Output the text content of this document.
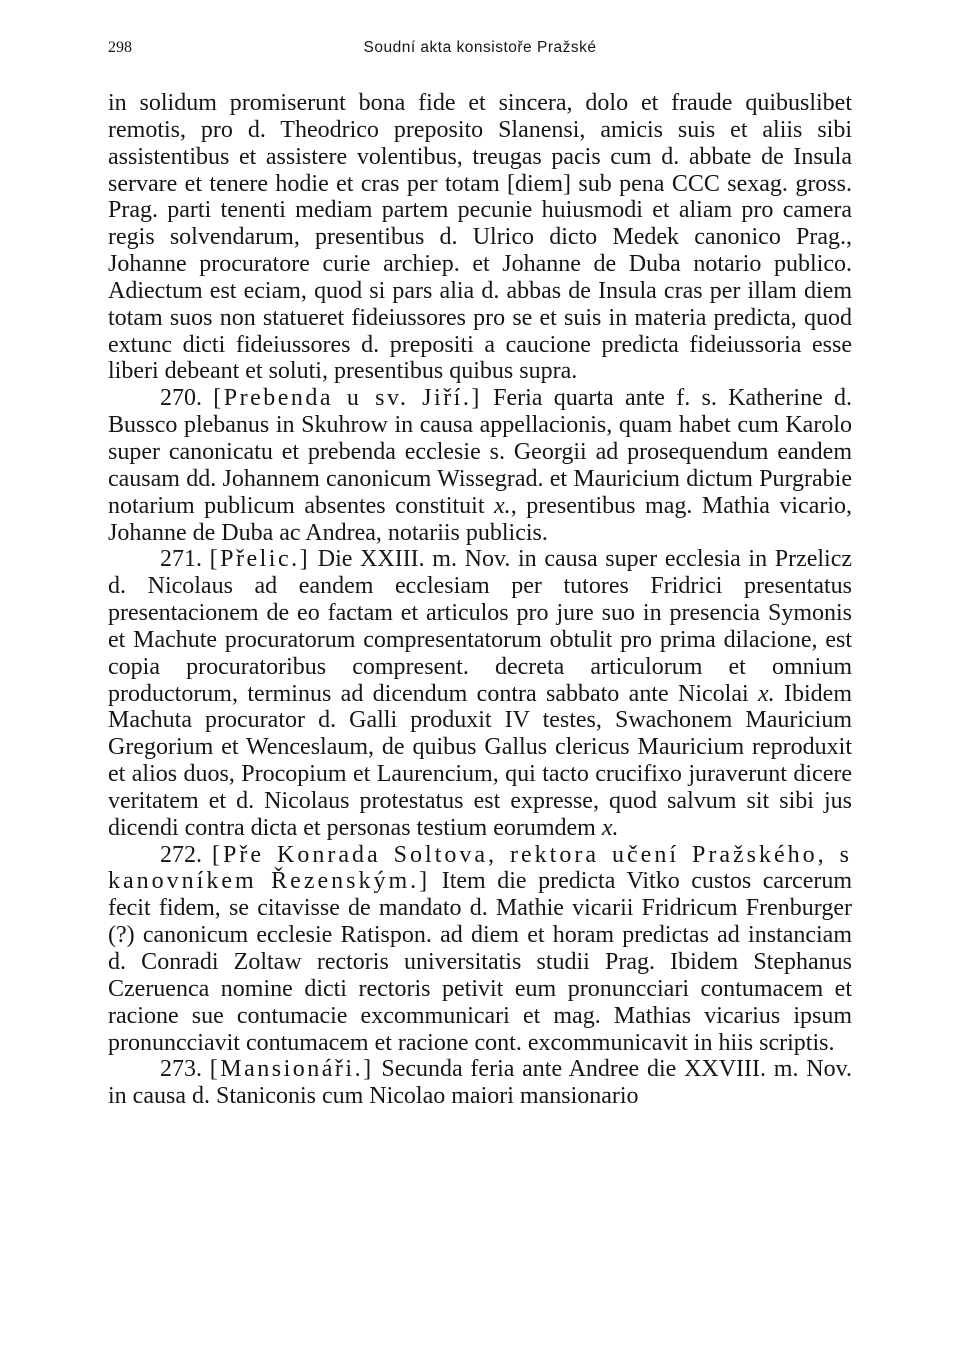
298	Soudní akta konsistoře Pražské

in solidum promiserunt bona fide et sincera, dolo et fraude quibuslibet remotis, pro d. Theodrico preposito Slanensi, amicis suis et aliis sibi assistentibus et assistere volentibus, treugas pacis cum d. abbate de Insula servare et tenere hodie et cras per totam [diem] sub pena CCC sexag. gross. Prag. parti tenenti mediam partem pecunie huiusmodi et aliam pro camera regis solvendarum, presentibus d. Ulrico dicto Medek canonico Prag., Johanne procuratore curie archiep. et Johanne de Duba notario publico. Adiectum est eciam, quod si pars alia d. abbas de Insula cras per illam diem totam suos non statueret fideiussores pro se et suis in materia predicta, quod extunc dicti fideiussores d. prepositi a caucione predicta fideiussoria esse liberi debeant et soluti, presentibus quibus supra.

270. [Prebenda u sv. Jiří.] Feria quarta ante f. s. Katherine d. Bussco plebanus in Skuhrow in causa appellacionis, quam habet cum Karolo super canonicatu et prebenda ecclesie s. Georgii ad prosequendum eandem causam dd. Johannem canonicum Wissegrad. et Mauricium dictum Purgrabie notarium publicum absentes constituit x., presentibus mag. Mathia vicario, Johanne de Duba ac Andrea, notariis publicis.

271. [Přelic.] Die XXIII. m. Nov. in causa super ecclesia in Przelicz d. Nicolaus ad eandem ecclesiam per tutores Fridrici presentatus presentacionem de eo factam et articulos pro jure suo in presencia Symonis et Machute procuratorum compresentatorum obtulit pro prima dilacione, est copia procuratoribus compresent. decreta articulorum et omnium productorum, terminus ad dicendum contra sabbato ante Nicolai x. Ibidem Machuta procurator d. Galli produxit IV testes, Swachonem Mauricium Gregorium et Wenceslaum, de quibus Gallus clericus Mauricium reproduxit et alios duos, Procopium et Laurencium, qui tacto crucifixo juraverunt dicere veritatem et d. Nicolaus protestatus est expresse, quod salvum sit sibi jus dicendi contra dicta et personas testium eorumdem x.

272. [Pře Konrada Soltova, rektora učení Pražského, s kanovníkem Řezenským.] Item die predicta Vitko custos carcerum fecit fidem, se citavisse de mandato d. Mathie vicarii Fridricum Frenburger (?) canonicum ecclesie Ratispon. ad diem et horam predictas ad instanciam d. Conradi Zoltaw rectoris universitatis studii Prag. Ibidem Stephanus Czeruenca nomine dicti rectoris petivit eum pronuncciari contumacem et racione sue contumacie excommunicari et mag. Mathias vicarius ipsum pronuncciavit contumacem et racione cont. excommunicavit in hiis scriptis.

273. [Mansionáři.] Secunda feria ante Andree die XXVIII. m. Nov. in causa d. Staniconis cum Nicolao maiori mansionario
